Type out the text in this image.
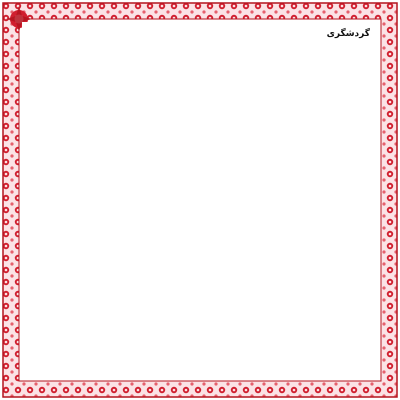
گردشگری
